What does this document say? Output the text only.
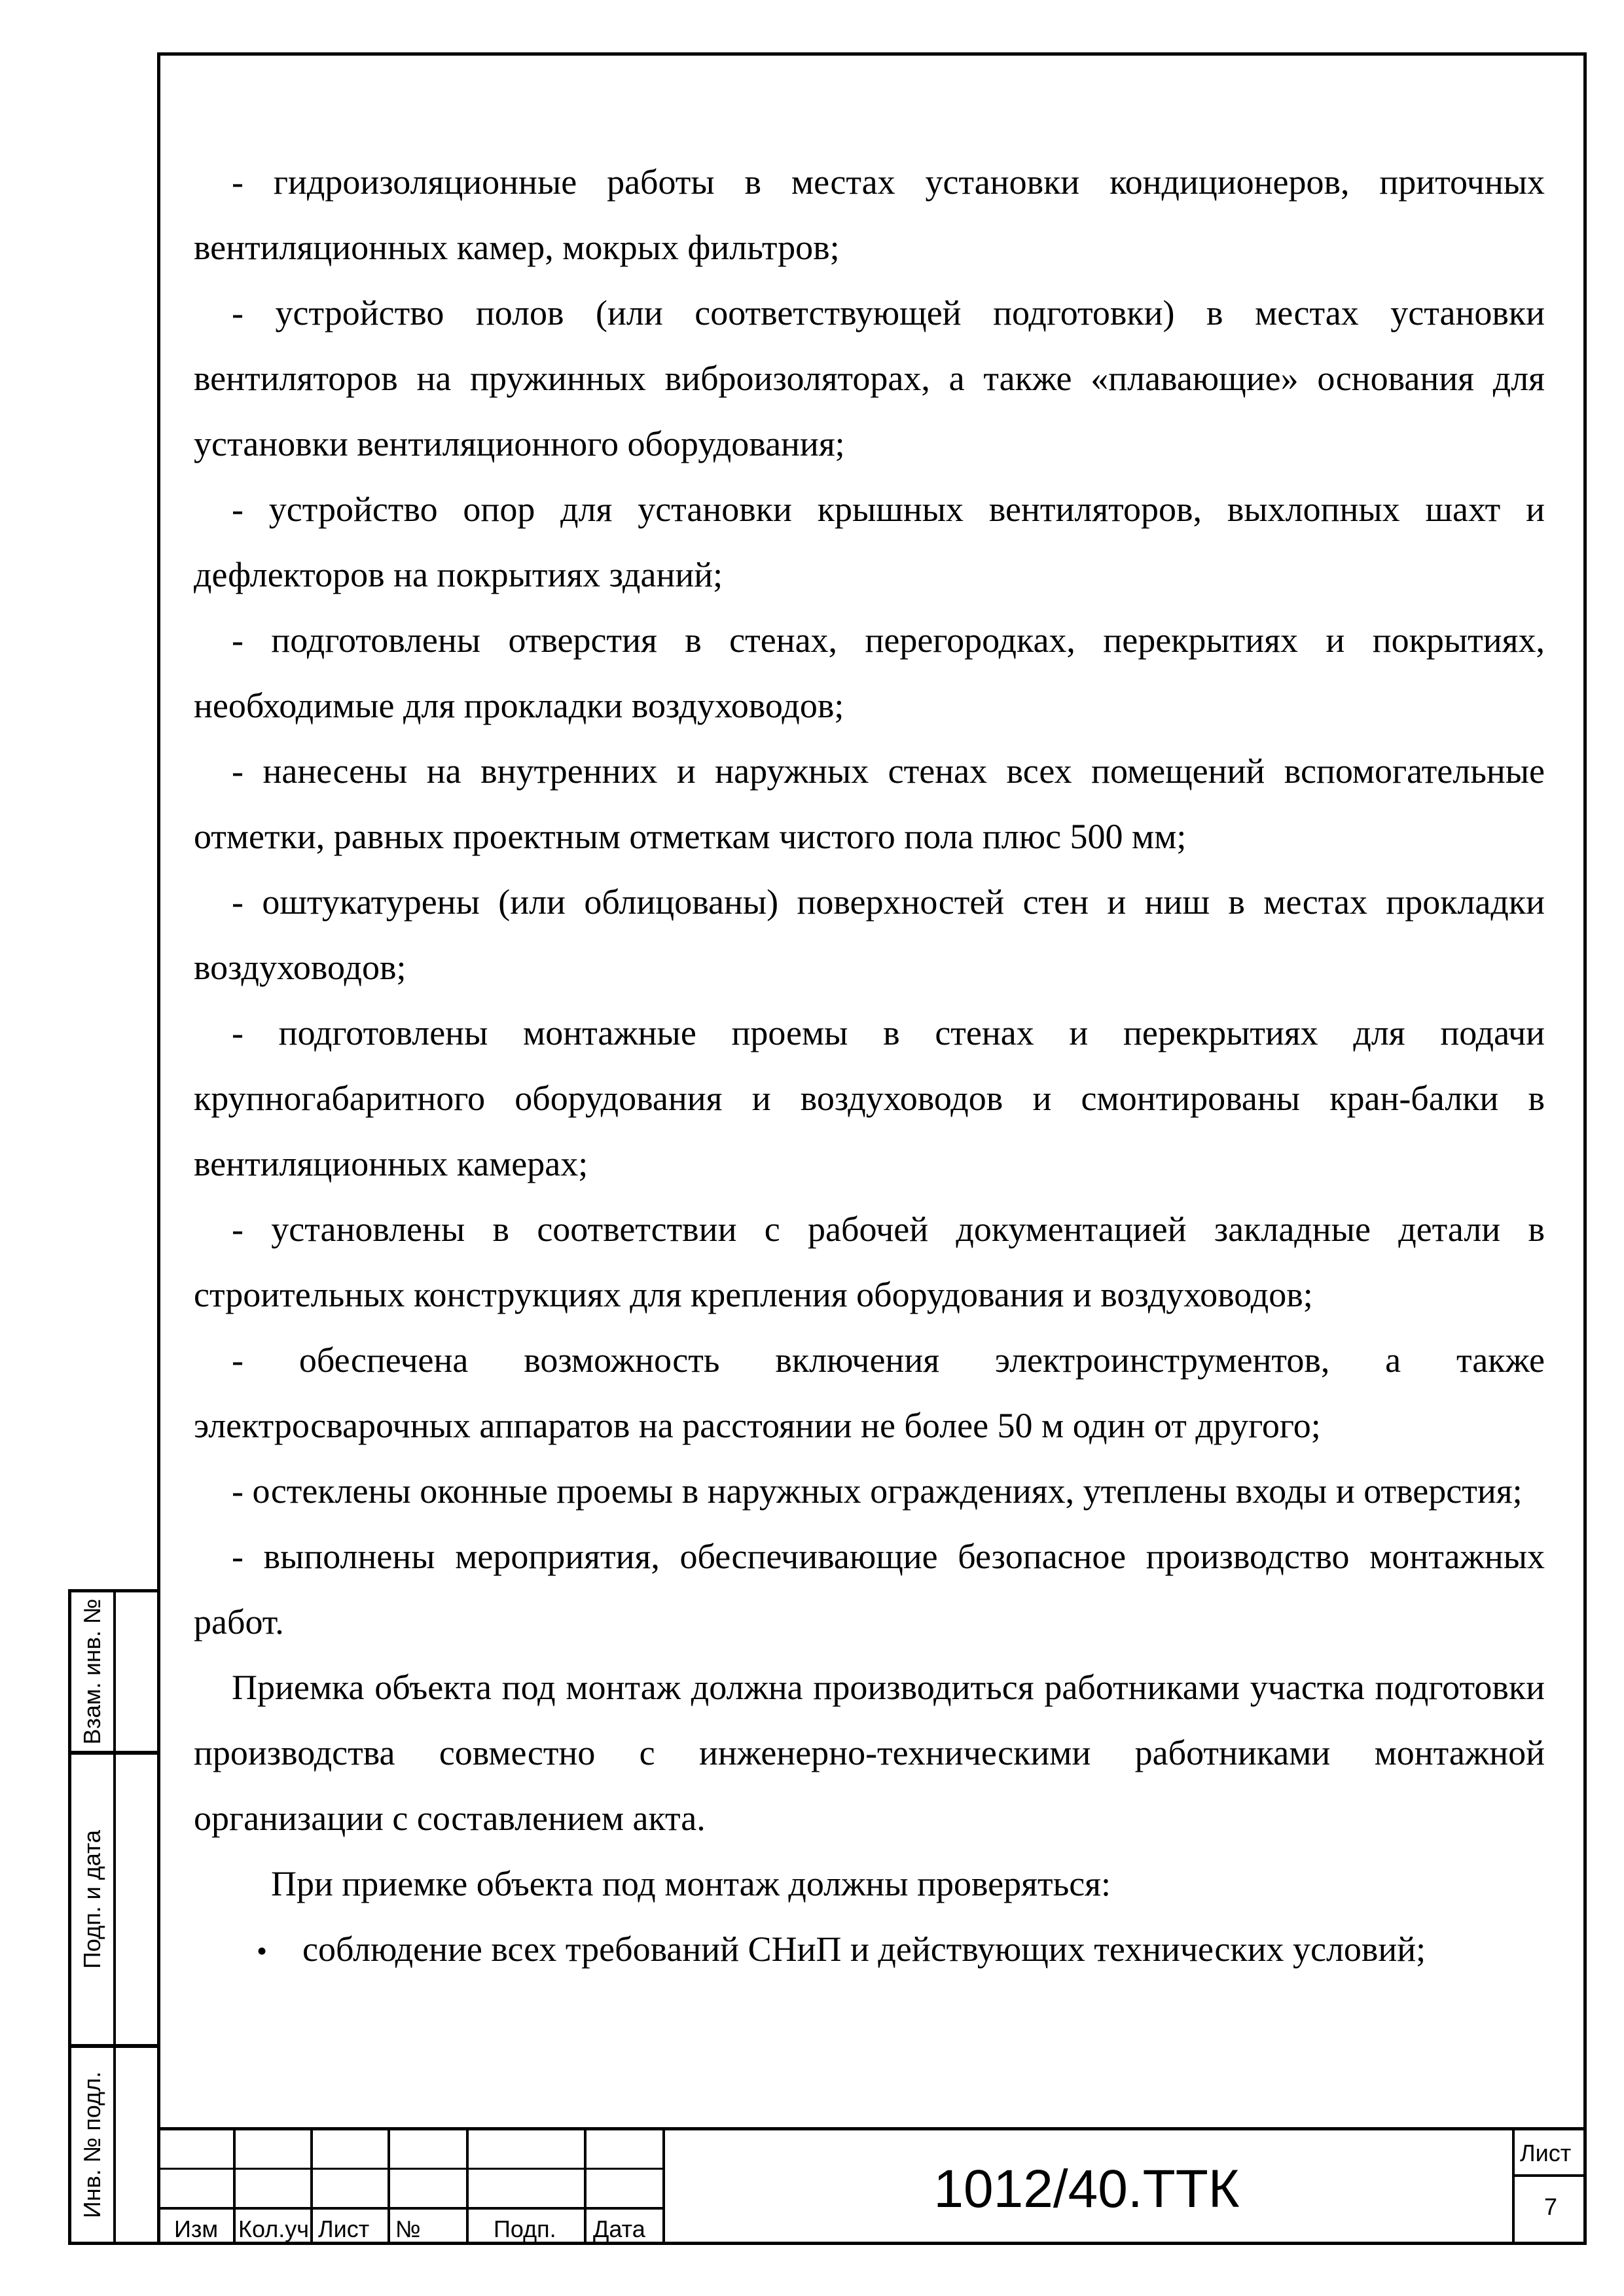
- гидроизоляционные работы в местах установки кондиционеров, приточных вентиляционных камер, мокрых фильтров;

- устройство полов (или соответствующей подготовки) в местах установки вентиляторов на пружинных виброизоляторах, а также «плавающие» основания для установки вентиляционного оборудования;

- устройство опор для установки крышных вентиляторов, выхлопных шахт и дефлекторов на покрытиях зданий;

- подготовлены отверстия в стенах, перегородках, перекрытиях и покрытиях, необходимые для прокладки воздуховодов;

- нанесены на внутренних и наружных стенах всех помещений вспомогательные отметки, равных проектным отметкам чистого пола плюс 500 мм;

- оштукатурены (или облицованы) поверхностей стен и ниш в местах прокладки воздуховодов;

- подготовлены монтажные проемы в стенах и перекрытиях для подачи крупногабаритного оборудования и воздуховодов и смонтированы кран-балки в вентиляционных камерах;

- установлены в соответствии с рабочей документацией закладные детали в строительных конструкциях для крепления оборудования и воздуховодов;

- обеспечена возможность включения электроинструментов, а также электросварочных аппаратов на расстоянии не более 50 м один от другого;

- остеклены оконные проемы в наружных ограждениях, утеплены входы и отверстия;

- выполнены мероприятия, обеспечивающие безопасное производство монтажных работ.

Приемка объекта под монтаж должна производиться работниками участка подготовки производства совместно с инженерно-техническими работниками монтажной организации с составлением акта.

При приемке объекта под монтаж должны проверяться:

• соблюдение всех требований СНиП и действующих технических условий;
Взам. инв. №
Подп. и дата
Инв. № подл.
Изм Кол.уч Лист №	Подп. Дата
1012/40.ТТК
Лист
7
